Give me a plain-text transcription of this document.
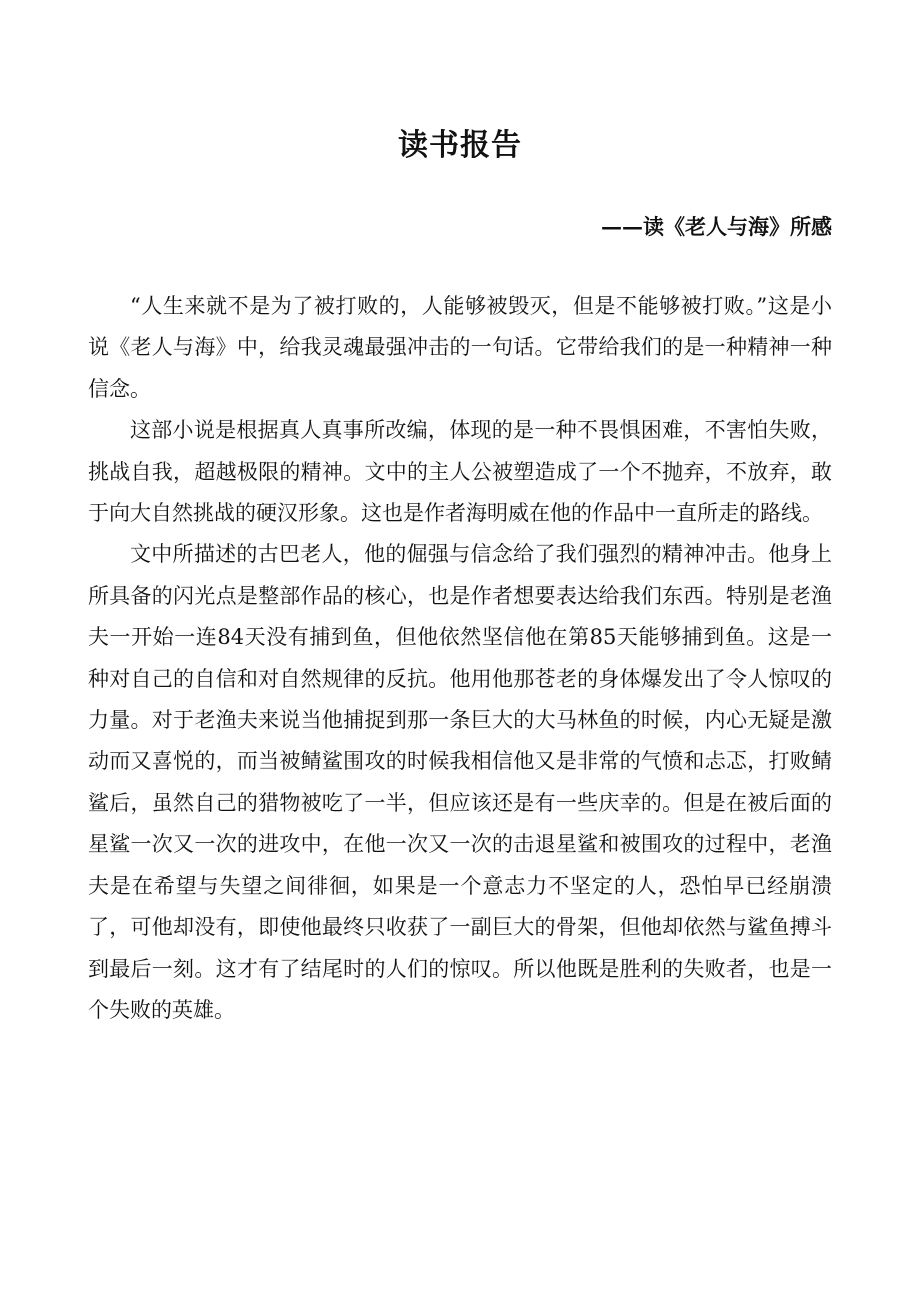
读书报告
——读《老人与海》所感

“人生来就不是为了被打败的，人能够被毁灭，但是不能够被打败。”这是小说《老人与海》中，给我灵魂最强冲击的一句话。它带给我们的是一种精神一种信念。

这部小说是根据真人真事所改编，体现的是一种不畏惧困难，不害怕失败，挑战自我，超越极限的精神。文中的主人公被塑造成了一个不抛弃，不放弃，敢于向大自然挑战的硬汉形象。这也是作者海明威在他的作品中一直所走的路线。

文中所描述的古巴老人，他的倔强与信念给了我们强烈的精神冲击。他身上所具备的闪光点是整部作品的核心，也是作者想要表达给我们东西。特别是老渔夫一开始一连84天没有捕到鱼，但他依然坚信他在第85天能够捕到鱼。这是一种对自己的自信和对自然规律的反抗。他用他那苍老的身体爆发出了令人惊叹的力量。对于老渔夫来说当他捕捉到那一条巨大的大马林鱼的时候，内心无疑是激动而又喜悦的，而当被鲭鲨围攻的时候我相信他又是非常的气愤和忐忑，打败鲭鲨后，虽然自己的猎物被吃了一半，但应该还是有一些庆幸的。但是在被后面的星鲨一次又一次的进攻中，在他一次又一次的击退星鲨和被围攻的过程中，老渔夫是在希望与失望之间徘徊，如果是一个意志力不坚定的人，恐怕早已经崩溃了，可他却没有，即使他最终只收获了一副巨大的骨架，但他却依然与鲨鱼搏斗到最后一刻。这才有了结尾时的人们的惊叹。所以他既是胜利的失败者，也是一个失败的英雄。
